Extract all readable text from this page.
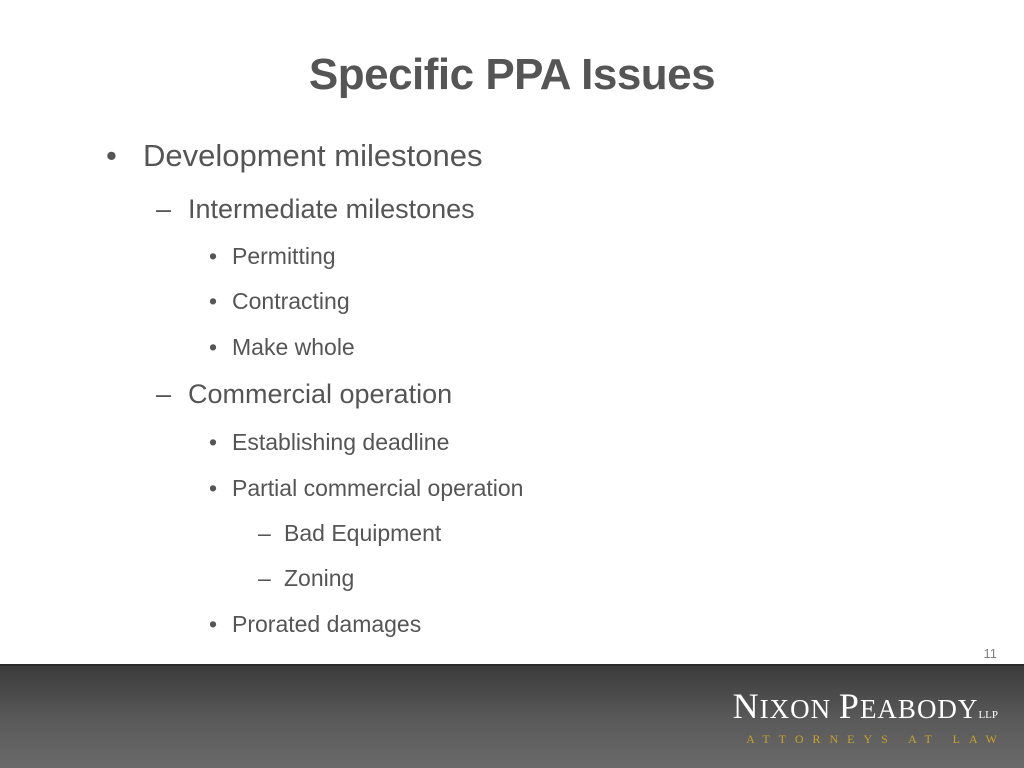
Specific PPA Issues
• Development milestones
– Intermediate milestones
• Permitting
• Contracting
• Make whole
– Commercial operation
• Establishing deadline
• Partial commercial operation
– Bad Equipment
– Zoning
• Prorated damages
11
NIXON PEABODYLLP
ATTORNEYS AT LAW
